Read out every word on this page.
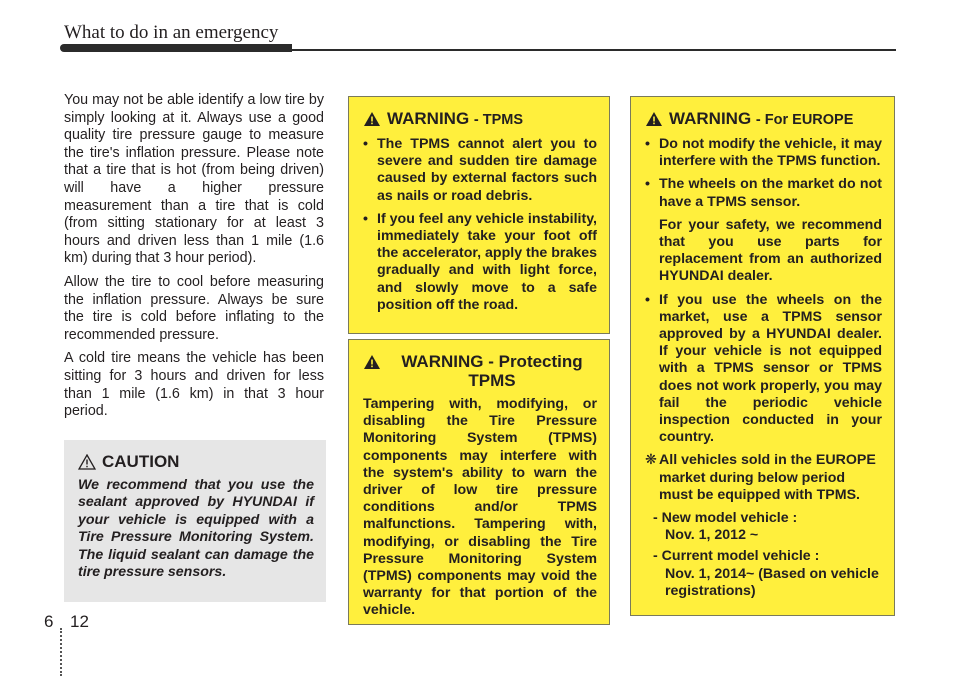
What to do in an emergency

You may not be able identify a low tire by simply looking at it. Always use a good quality tire pressure gauge to measure the tire's inflation pressure. Please note that a tire that is hot (from being driven) will have a higher pressure measurement than a tire that is cold (from sitting stationary for at least 3 hours and driven less than 1 mile (1.6 km) during that 3 hour period).

Allow the tire to cool before measuring the inflation pressure. Always be sure the tire is cold before inflating to the recommended pressure.

A cold tire means the vehicle has been sitting for 3 hours and driven for less than 1 mile (1.6 km) in that 3 hour period.

CAUTION

We recommend that you use the sealant approved by HYUNDAI if your vehicle is equipped with a Tire Pressure Monitoring System. The liquid sealant can damage the tire pressure sensors.

WARNING - TPMS
• The TPMS cannot alert you to severe and sudden tire damage caused by external factors such as nails or road debris.
• If you feel any vehicle instability, immediately take your foot off the accelerator, apply the brakes gradually and with light force, and slowly move to a safe position off the road.
WARNING - Protecting TPMS

Tampering with, modifying, or disabling the Tire Pressure Monitoring System (TPMS) components may interfere with the system's ability to warn the driver of low tire pressure conditions and/or TPMS malfunctions. Tampering with, modifying, or disabling the Tire Pressure Monitoring System (TPMS) components may void the warranty for that portion of the vehicle.

WARNING - For EUROPE
• Do not modify the vehicle, it may interfere with the TPMS function.
• The wheels on the market do not have a TPMS sensor.

For your safety, we recommend that you use parts for replacement from an authorized HYUNDAI dealer.

• If you use the wheels on the market, use a TPMS sensor approved by a HYUNDAI dealer. If your vehicle is not equipped with a TPMS sensor or TPMS does not work properly, you may fail the periodic vehicle inspection conducted in your country.
❋ All vehicles sold in the EUROPE market during below period must be equipped with TPMS.
- New model vehicle :
Nov. 1, 2012 ~
- Current model vehicle :
Nov. 1, 2014~ (Based on vehicle registrations)
6 12
